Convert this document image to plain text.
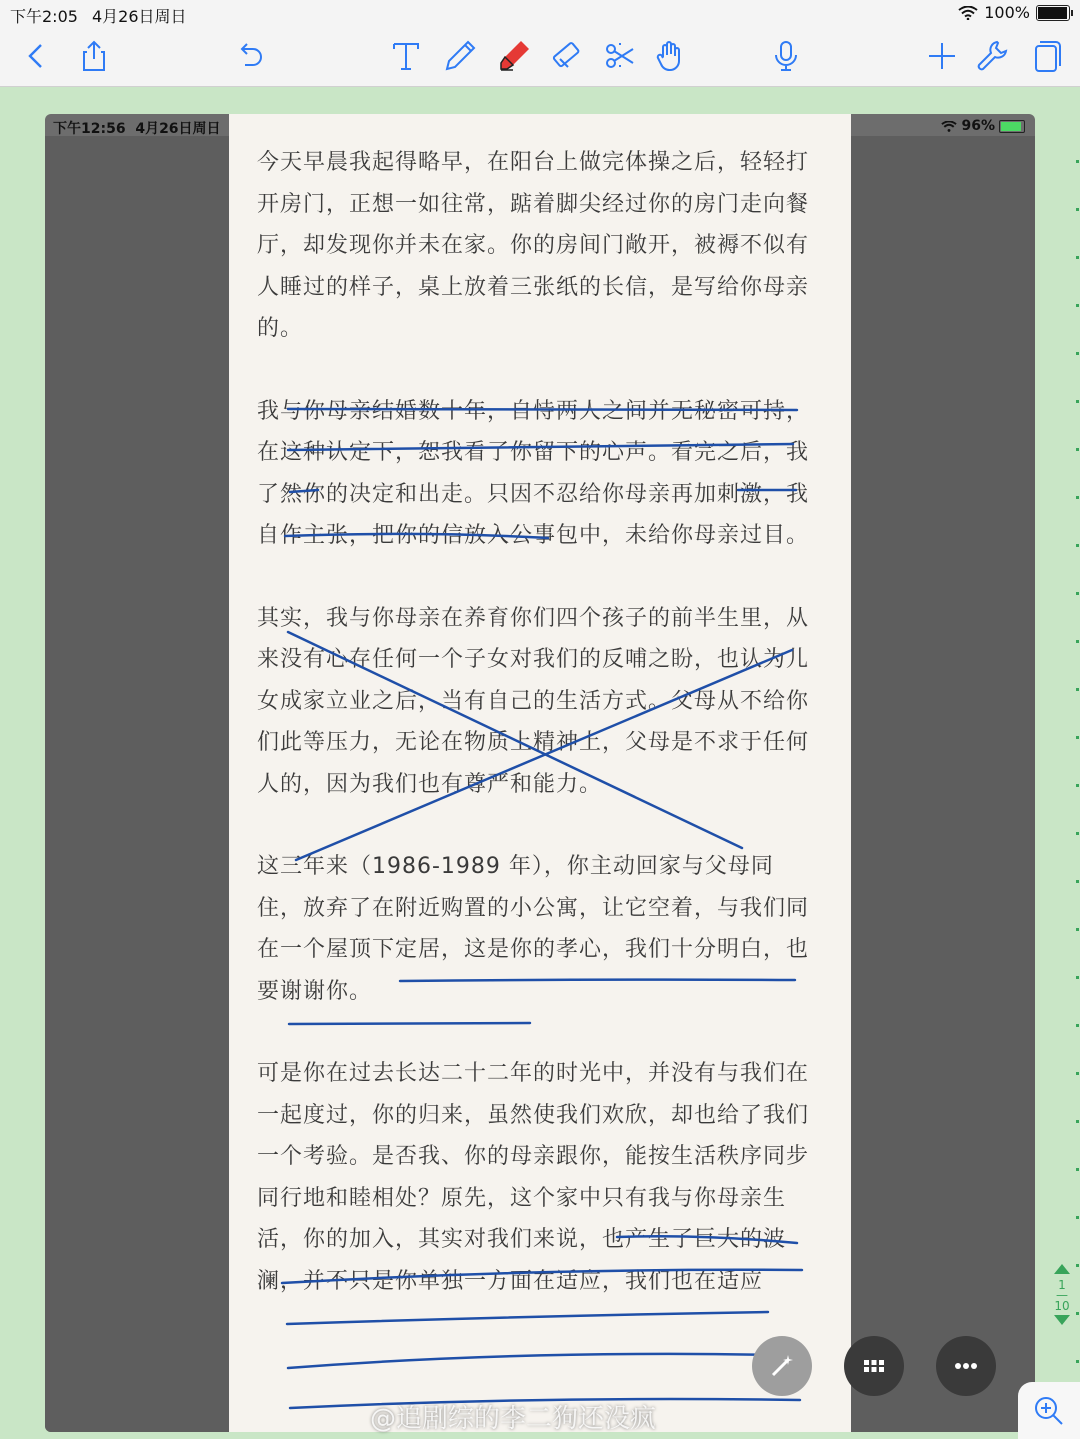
下午2:05 4月26日周日	100%
下午12:56 4月26日周日	96%

今天早晨我起得略早，在阳台上做完体操之后，轻轻打开房门，正想一如往常，踮着脚尖经过你的房门走向餐厅，却发现你并未在家。你的房间门敞开，被褥不似有人睡过的样子，桌上放着三张纸的长信，是写给你母亲的。

我与你母亲结婚数十年，自恃两人之间并无秘密可持，在这种认定下，恕我看了你留下的心声。看完之后，我了然你的决定和出走。只因不忍给你母亲再加刺激，我自作主张，把你的信放入公事包中，未给你母亲过目。

其实，我与你母亲在养育你们四个孩子的前半生里，从来没有心存任何一个子女对我们的反哺之盼，也认为儿女成家立业之后，当有自己的生活方式。父母从不给你们此等压力，无论在物质上精神上，父母是不求于任何人的，因为我们也有尊严和能力。

这三年来（1986-1989 年），你主动回家与父母同住，放弃了在附近购置的小公寓，让它空着，与我们同在一个屋顶下定居，这是你的孝心，我们十分明白，也要谢谢你。

可是你在过去长达二十二年的时光中，并没有与我们在一起度过，你的归来，虽然使我们欢欣，却也给了我们一个考验。是否我、你的母亲跟你，能按生活秩序同步同行地和睦相处？原先，这个家中只有我与你母亲生活，你的加入，其实对我们来说，也产生了巨大的波澜，并不只是你单独一方面在适应，我们也在适应	1
—
10
@追剧综的李二狗还没疯
